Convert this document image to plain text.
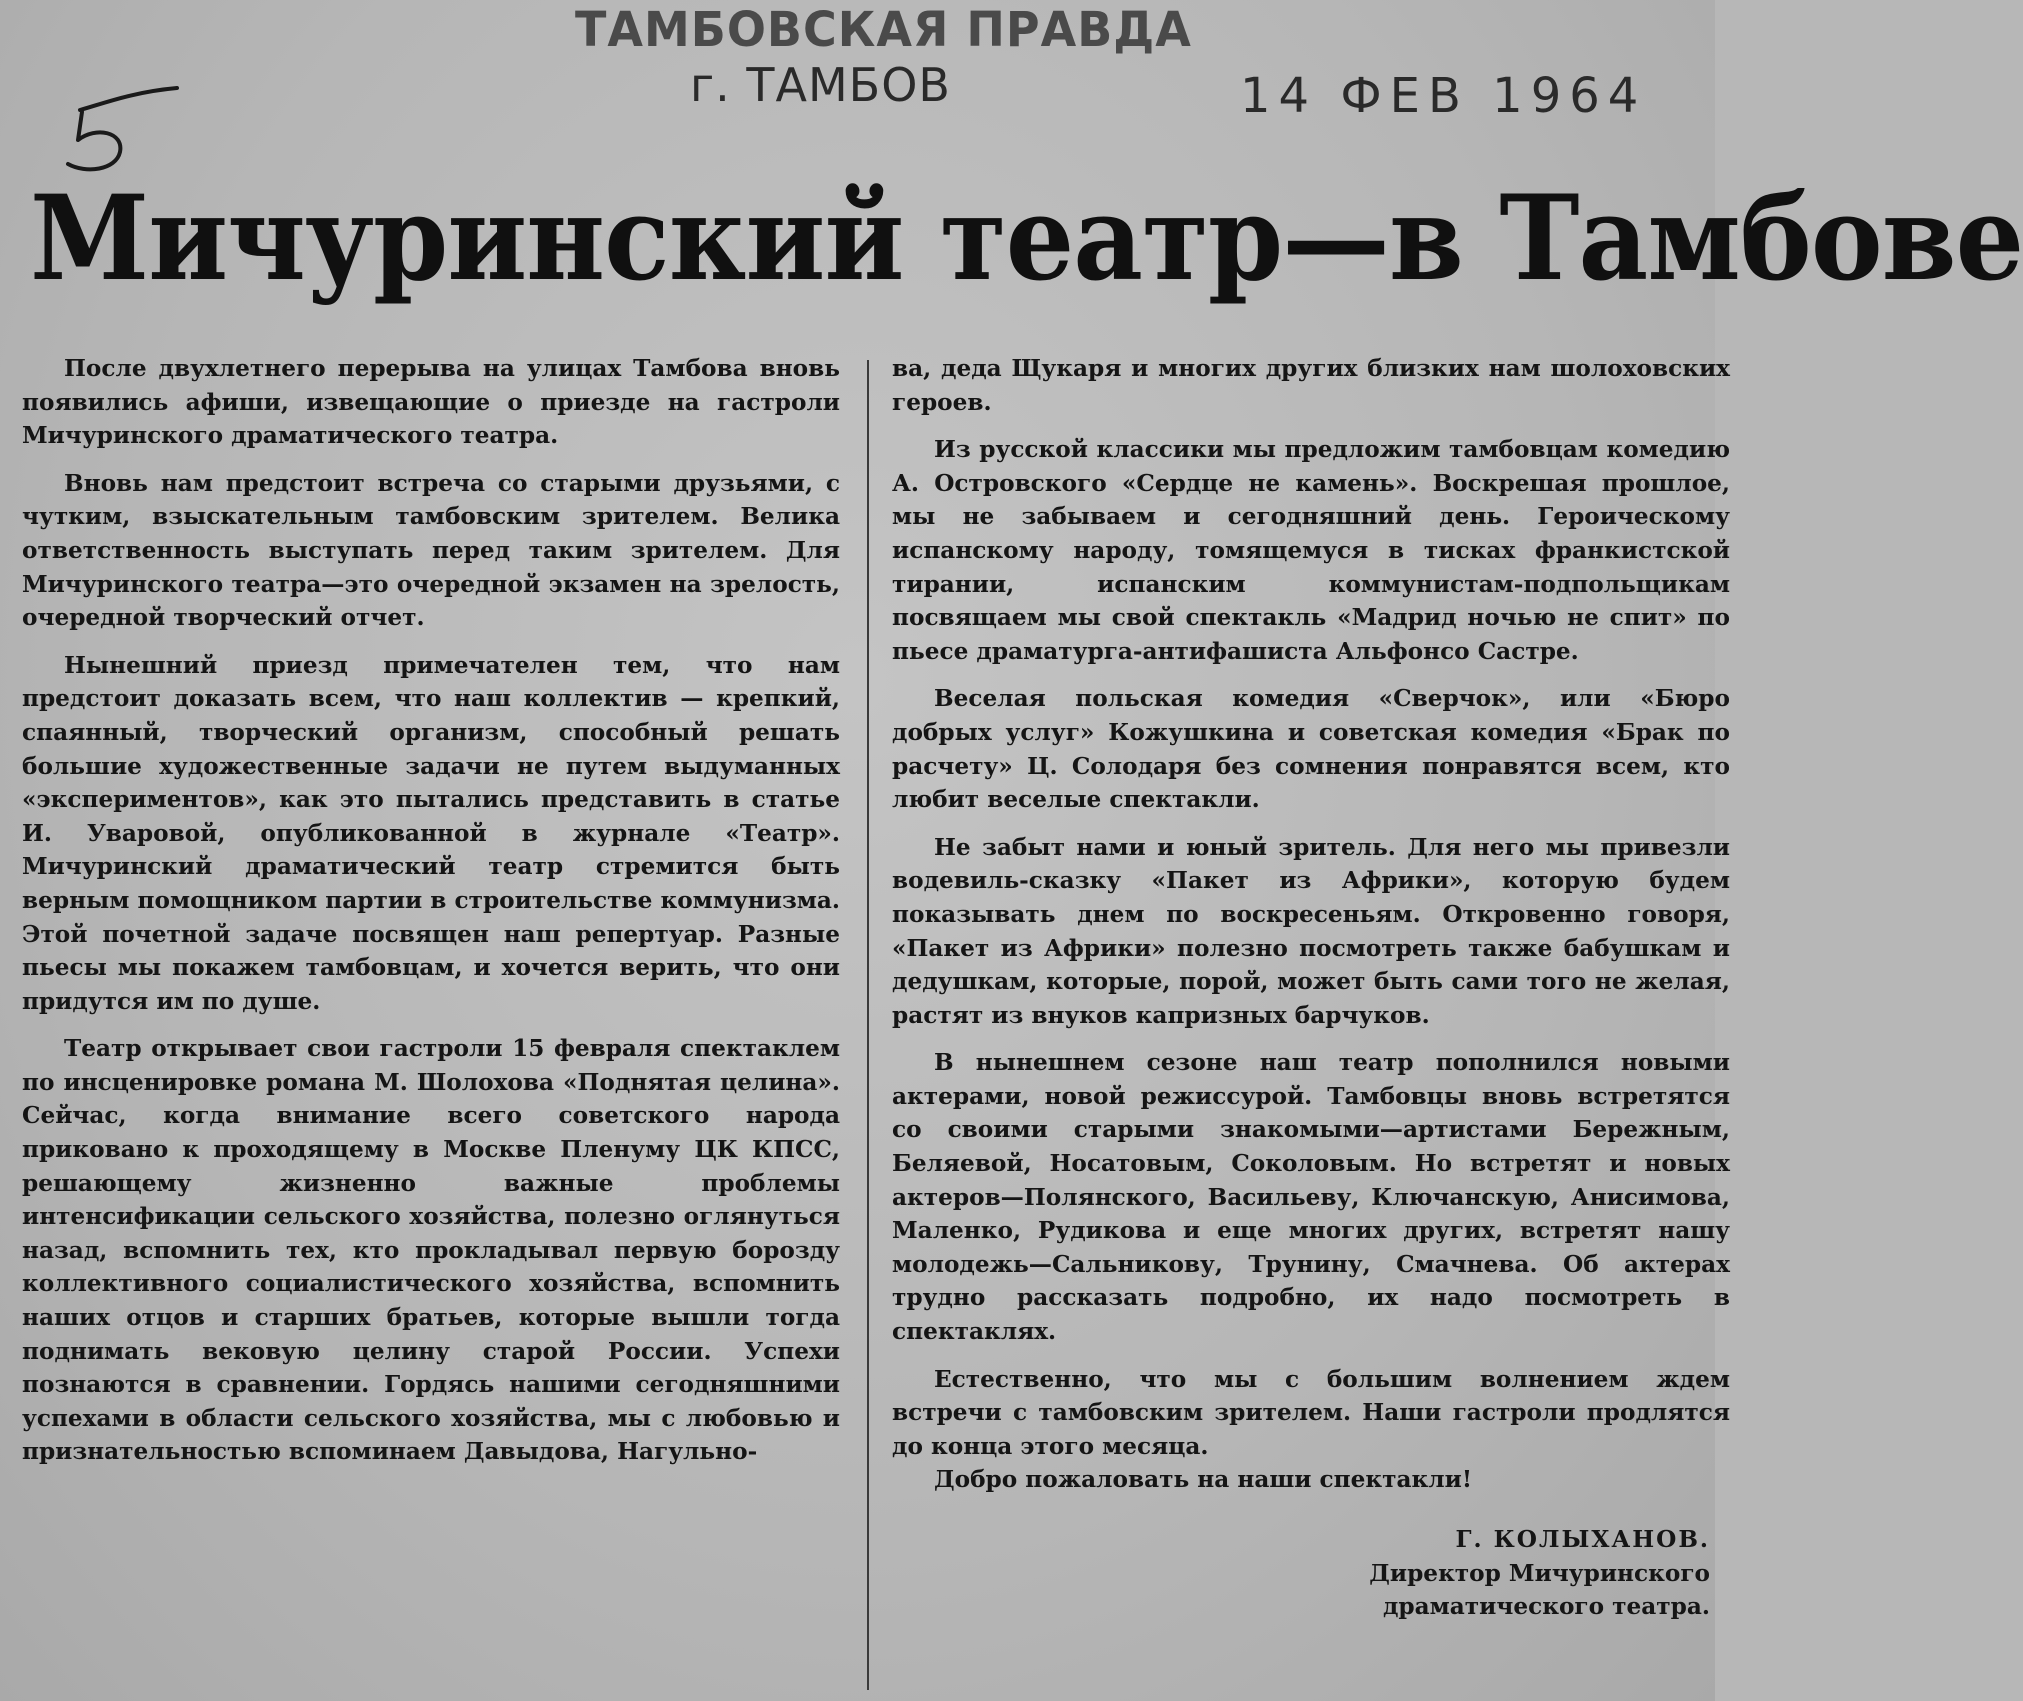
ТАМБОВСКАЯ ПРАВДА
г. ТАМБОВ	14 ФЕВ 1964
Мичуринский театр—в Тамбове

После двухлетнего перерыва на улицах Тамбова вновь появились афиши, извещающие о приезде на гастроли Мичуринского драматического театра.

Вновь нам предстоит встреча со старыми друзьями, с чутким, взыскательным тамбовским зрителем. Велика ответственность выступать перед таким зрителем. Для Мичуринского театра—это очередной экзамен на зрелость, очередной творческий отчет.

Нынешний приезд примечателен тем, что нам предстоит доказать всем, что наш коллектив — крепкий, спаянный, творческий организм, способный решать большие художественные задачи не путем выдуманных «экспериментов», как это пытались представить в статье И. Уваровой, опубликованной в журнале «Театр». Мичуринский драматический театр стремится быть верным помощником партии в строительстве коммунизма. Этой почетной задаче посвящен наш репертуар. Разные пьесы мы покажем тамбовцам, и хочется верить, что они придутся им по душе.

Театр открывает свои гастроли 15 февраля спектаклем по инсценировке романа М. Шолохова «Поднятая целина». Сейчас, когда внимание всего советского народа приковано к проходящему в Москве Пленуму ЦК КПСС, решающему жизненно важные проблемы интенсификации сельского хозяйства, полезно оглянуться назад, вспомнить тех, кто прокладывал первую борозду коллективного социалистического хозяйства, вспомнить наших отцов и старших братьев, которые вышли тогда поднимать вековую целину старой России. Успехи познаются в сравнении. Гордясь нашими сегодняшними успехами в области сельского хозяйства, мы с любовью и признательностью вспоминаем Давыдова, Нагульно-

ва, деда Щукаря и многих других близких нам шолоховских героев.

Из русской классики мы предложим тамбовцам комедию А. Островского «Сердце не камень». Воскрешая прошлое, мы не забываем и сегодняшний день. Героическому испанскому народу, томящемуся в тисках франкистской тирании, испанским коммунистам-подпольщикам посвящаем мы свой спектакль «Мадрид ночью не спит» по пьесе драматурга-антифашиста Альфонсо Састре.

Веселая польская комедия «Сверчок», или «Бюро добрых услуг» Кожушкина и советская комедия «Брак по расчету» Ц. Солодаря без сомнения понравятся всем, кто любит веселые спектакли.

Не забыт нами и юный зритель. Для него мы привезли водевиль-сказку «Пакет из Африки», которую будем показывать днем по воскресеньям. Откровенно говоря, «Пакет из Африки» полезно посмотреть также бабушкам и дедушкам, которые, порой, может быть сами того не желая, растят из внуков капризных барчуков.

В нынешнем сезоне наш театр пополнился новыми актерами, новой режиссурой. Тамбовцы вновь встретятся со своими старыми знакомыми—артистами Бережным, Беляевой, Носатовым, Соколовым. Но встретят и новых актеров—Полянского, Васильеву, Ключанскую, Анисимова, Маленко, Рудикова и еще многих других, встретят нашу молодежь—Сальникову, Трунину, Смачнева. Об актерах трудно рассказать подробно, их надо посмотреть в спектаклях.

Естественно, что мы с большим волнением ждем встречи с тамбовским зрителем. Наши гастроли продлятся до конца этого месяца.

Добро пожаловать на наши спектакли!

Г. КОЛЫХАНОВ.
Директор Мичуринского
драматического театра.
